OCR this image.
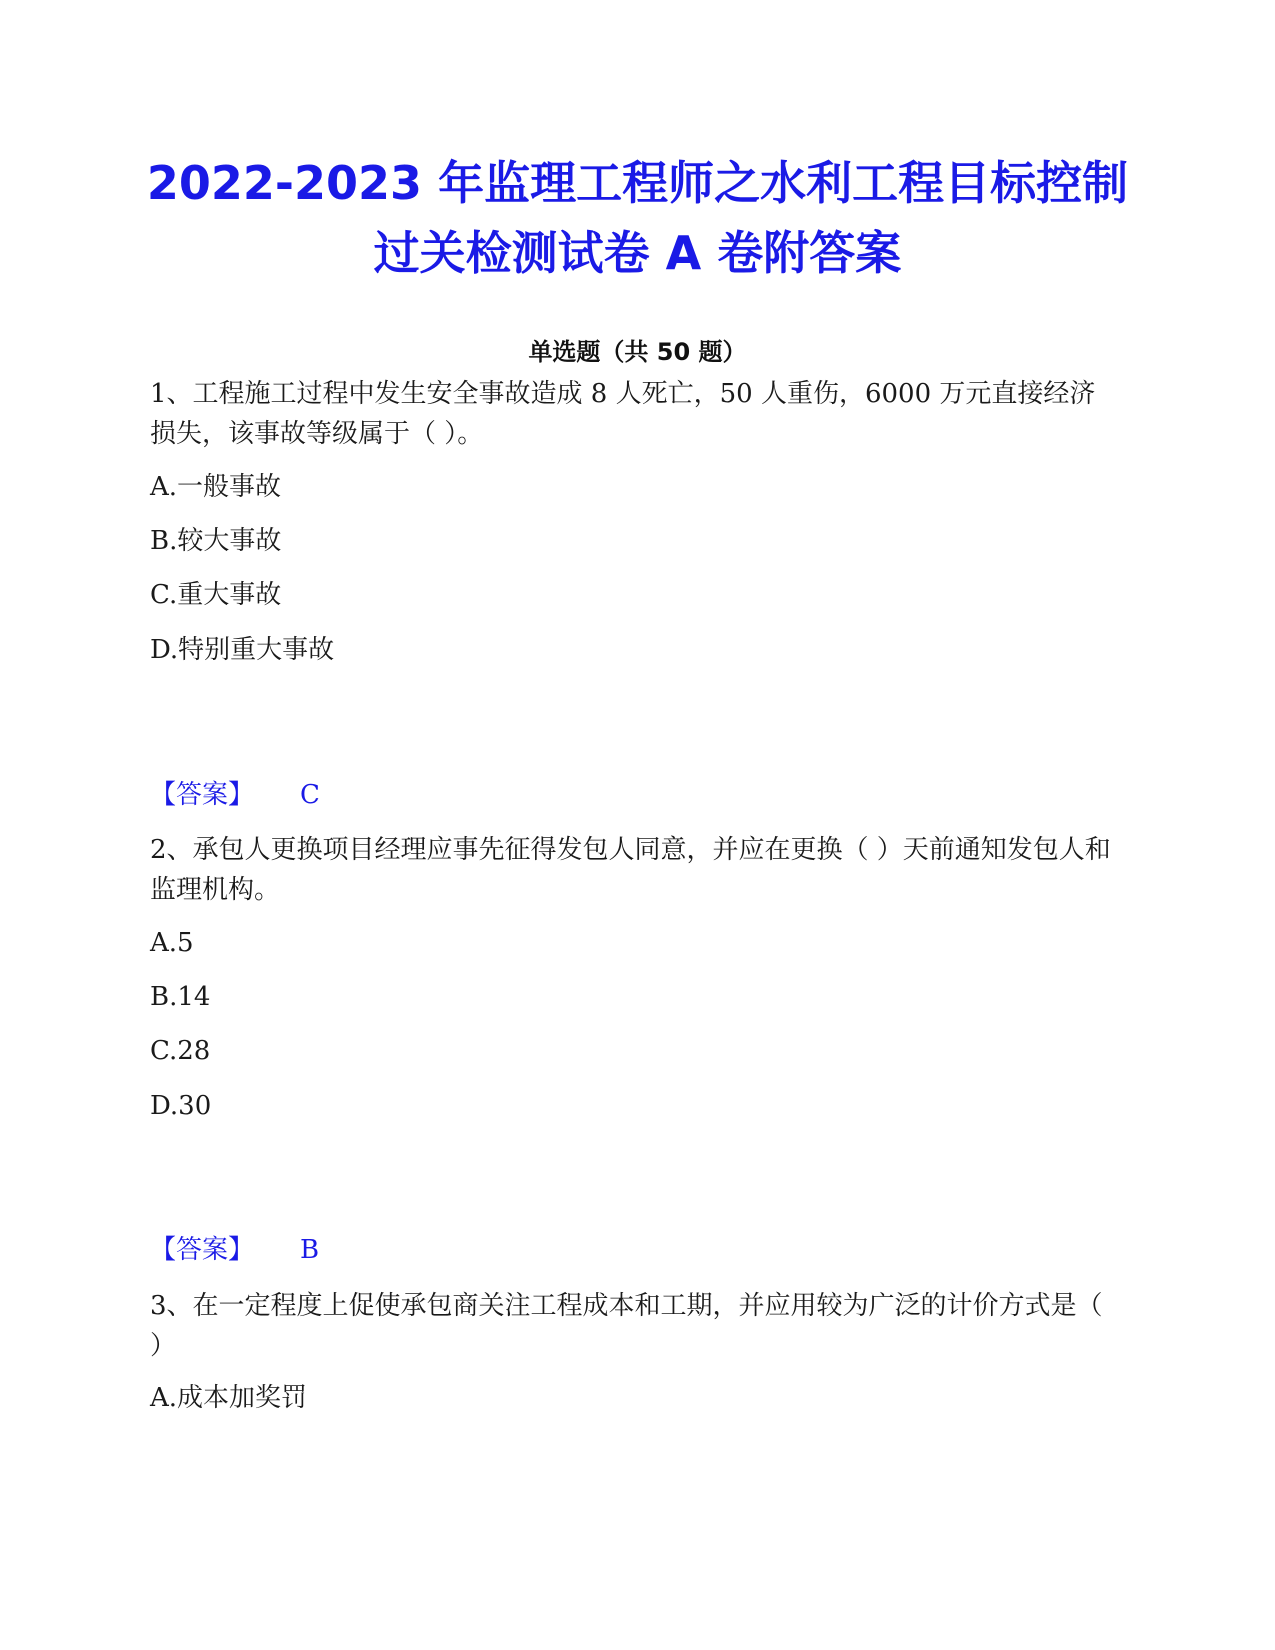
2022-2023 年监理工程师之水利工程目标控制过关检测试卷 A 卷附答案
单选题（共 50 题）

1、工程施工过程中发生安全事故造成 8 人死亡，50 人重伤，6000 万元直接经济损失，该事故等级属于（ ）。

A.一般事故

B.较大事故

C.重大事故

D.特别重大事故

【答案】 C

2、承包人更换项目经理应事先征得发包人同意，并应在更换（ ）天前通知发包人和监理机构。

A.5

B.14

C.28

D.30

【答案】 B

3、在一定程度上促使承包商关注工程成本和工期，并应用较为广泛的计价方式是（ ）

A.成本加奖罚
